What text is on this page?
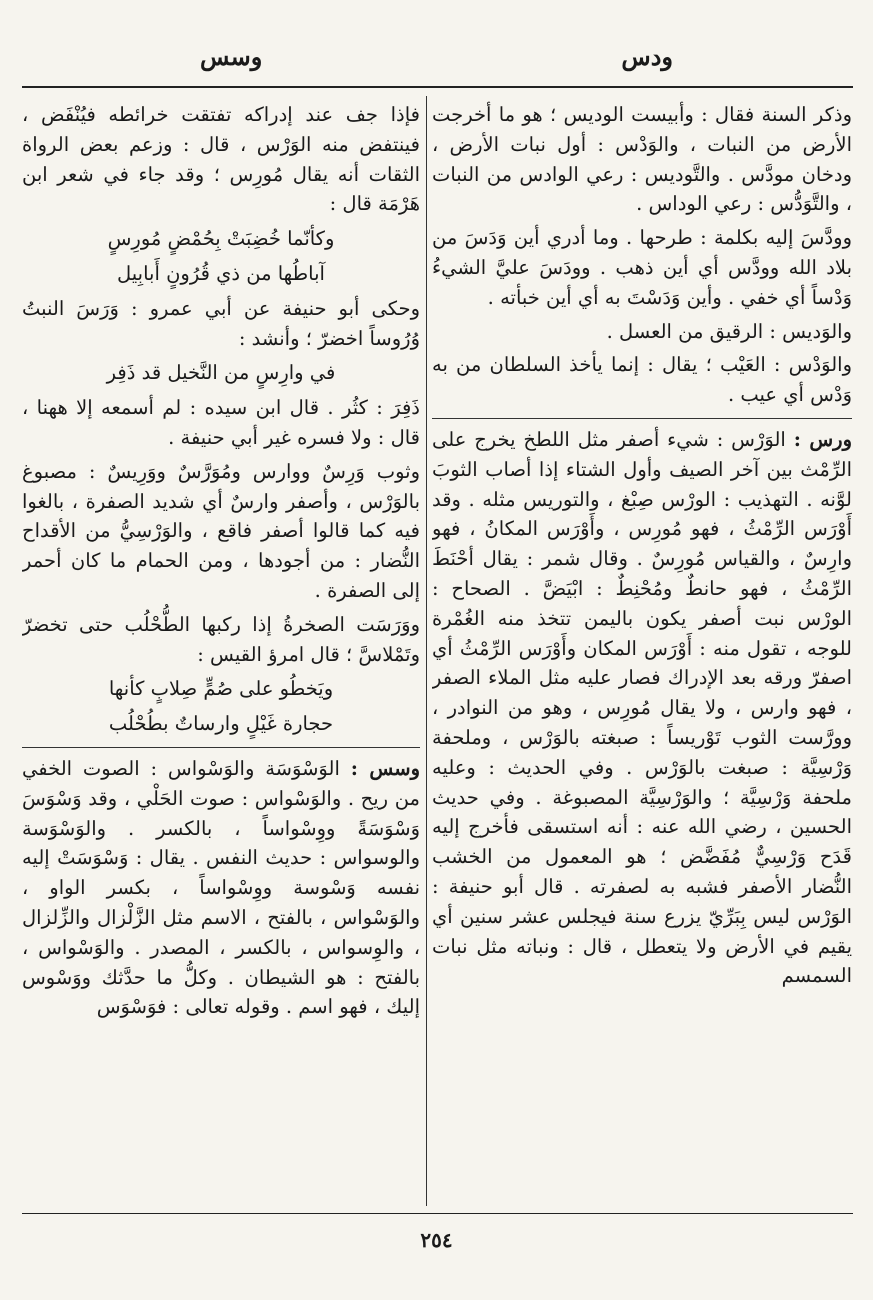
ودس
وسس

وذكر السنة فقال : وأبيست الوديس ؛ هو ما أخرجت الأرض من النبات ، والوَدْس : أول نبات الأرض ، ودخان مودَّس . والتَّوديس : رعي الوادس من النبات ، والتَّوَدُّس : رعي الوداس .

وودَّسَ إليه بكلمة : طرحها . وما أدري أين وَدَسَ من بلاد الله وودَّس أي أين ذهب . وودَسَ عليَّ الشيءُ وَدْساً أي خفي . وأين وَدَسْتَ به أي أين خبأته .

والوَديس : الرقيق من العسل .

والوَدْس : العَيْب ؛ يقال : إنما يأخذ السلطان من به وَدْس أي عيب .

ورس : الوَرْس : شيء أصفر مثل اللطخ يخرج على الرِّمْث بين آخر الصيف وأول الشتاء إذا أصاب الثوبَ لوَّنه . التهذيب : الورْس صِبْغ ، والتوريس مثله . وقد أَوْرَس الرِّمْثُ ، فهو مُورِس ، وأَوْرَس المكانُ ، فهو وارِسٌ ، والقياس مُورِسٌ . وقال شمر : يقال أحْنَطَ الرِّمْثُ ، فهو حانطٌ ومُحْنِطٌ : ابْيَضَّ . الصحاح : الورْس نبت أصفر يكون باليمن تتخذ منه الغُمْرة للوجه ، تقول منه : أَوْرَس المكان وأَوْرَس الرِّمْثُ أي اصفرّ ورقه بعد الإدراك فصار عليه مثل الملاء الصفر ، فهو وارس ، ولا يقال مُورِس ، وهو من النوادر ، وورَّست الثوب تَوْريساً : صبغته بالوَرْس ، وملحفة وَرْسِيَّة : صبغت بالوَرْس . وفي الحديث : وعليه ملحفة وَرْسِيَّة ؛ والوَرْسِيَّة المصبوغة . وفي حديث الحسين ، رضي الله عنه : أنه استسقى فأخرج إليه قَدَح وَرْسِيٌّ مُفَضَّض ؛ هو المعمول من الخشب النُّضار الأصفر فشبه به لصفرته . قال أبو حنيفة : الوَرْس ليس بِبَرِّيّ يزرع سنة فيجلس عشر سنين أي يقيم في الأرض ولا يتعطل ، قال : ونباته مثل نبات السمسم

فإذا جف عند إدراكه تفتقت خرائطه فيُنْفَض ، فينتفض منه الوَرْس ، قال : وزعم بعض الرواة الثقات أنه يقال مُورِس ؛ وقد جاء في شعر ابن هَرْمَة قال :

وكأنّما خُضِبَتْ بِحُمْضٍ مُورِسٍ
آباطُها من ذي قُرُونٍ أَبابِيل

وحكى أبو حنيفة عن أبي عمرو : وَرَسَ النبتُ وُرُوساً اخضرّ ؛ وأنشد :

في وارِسٍ من النَّخيل قد ذَفِر

ذَفِرَ : كثُر . قال ابن سيده : لم أسمعه إلا ههنا ، قال : ولا فسره غير أبي حنيفة .

وثوب وَرِسٌ ووارس ومُوَرَّسٌ ووَرِيسٌ : مصبوغ بالوَرْس ، وأصفر وارسٌ أي شديد الصفرة ، بالغوا فيه كما قالوا أصفر فاقع ، والوَرْسِيُّ من الأقداح النُّضار : من أجودها ، ومن الحمام ما كان أحمر إلى الصفرة .

ووَرَسَت الصخرةُ إذا ركبها الطُّحْلُب حتى تخضرّ وتَمْلاسَّ ؛ قال امرؤ القيس :

ويَخطُو على صُمٍّ صِلابٍ كأنها
حجارة غَيْلٍ وارساتٌ بطُحْلُب

وسس : الوَسْوَسَة والوَسْواس : الصوت الخفي من ريح . والوَسْواس : صوت الحَلْي ، وقد وَسْوَسَ وَسْوَسَةً ووِسْواساً ، بالكسر . والوَسْوَسة والوسواس : حديث النفس . يقال : وَسْوَسَتْ إليه نفسه وَسْوسة ووِسْواساً ، بكسر الواو ، والوَسْواس ، بالفتح ، الاسم مثل الزَّلْزال والزِّلزال ، والوِسواس ، بالكسر ، المصدر . والوَسْواس ، بالفتح : هو الشيطان . وكلُّ ما حدَّثك ووَسْوس إليك ، فهو اسم . وقوله تعالى : فوَسْوَس

٢٥٤
